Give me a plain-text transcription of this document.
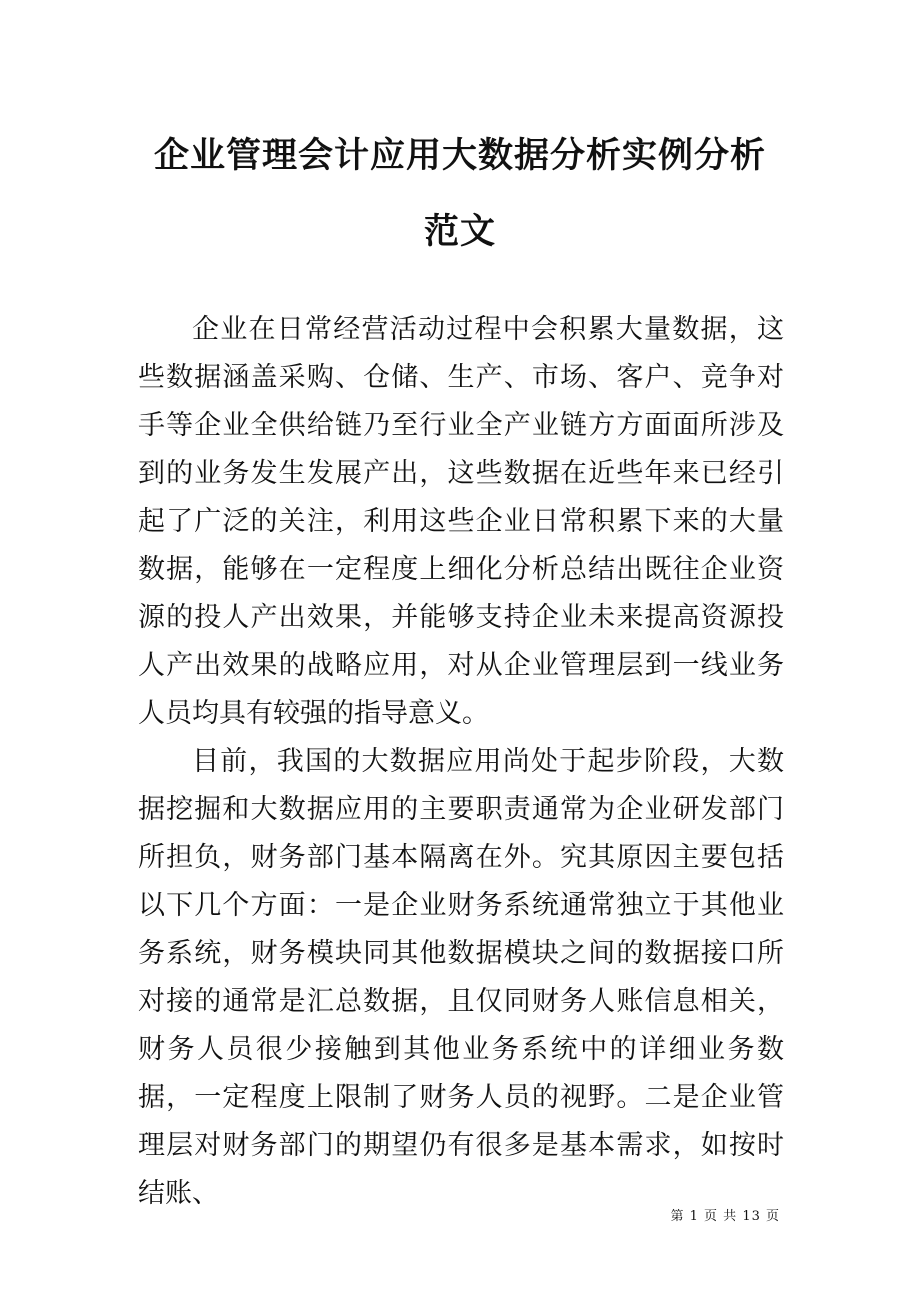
企业管理会计应用大数据分析实例分析范文

企业在日常经营活动过程中会积累大量数据，这些数据涵盖采购、仓储、生产、市场、客户、竞争对手等企业全供给链乃至行业全产业链方方面面所涉及到的业务发生发展产出，这些数据在近些年来已经引起了广泛的关注，利用这些企业日常积累下来的大量数据，能够在一定程度上细化分析总结出既往企业资源的投人产出效果，并能够支持企业未来提高资源投人产出效果的战略应用，对从企业管理层到一线业务人员均具有较强的指导意义。

目前，我国的大数据应用尚处于起步阶段，大数据挖掘和大数据应用的主要职责通常为企业研发部门所担负，财务部门基本隔离在外。究其原因主要包括以下几个方面：一是企业财务系统通常独立于其他业务系统，财务模块同其他数据模块之间的数据接口所对接的通常是汇总数据，且仅同财务人账信息相关，财务人员很少接触到其他业务系统中的详细业务数据，一定程度上限制了财务人员的视野。二是企业管理层对财务部门的期望仍有很多是基本需求，如按时结账、

第 1 页 共 13 页
